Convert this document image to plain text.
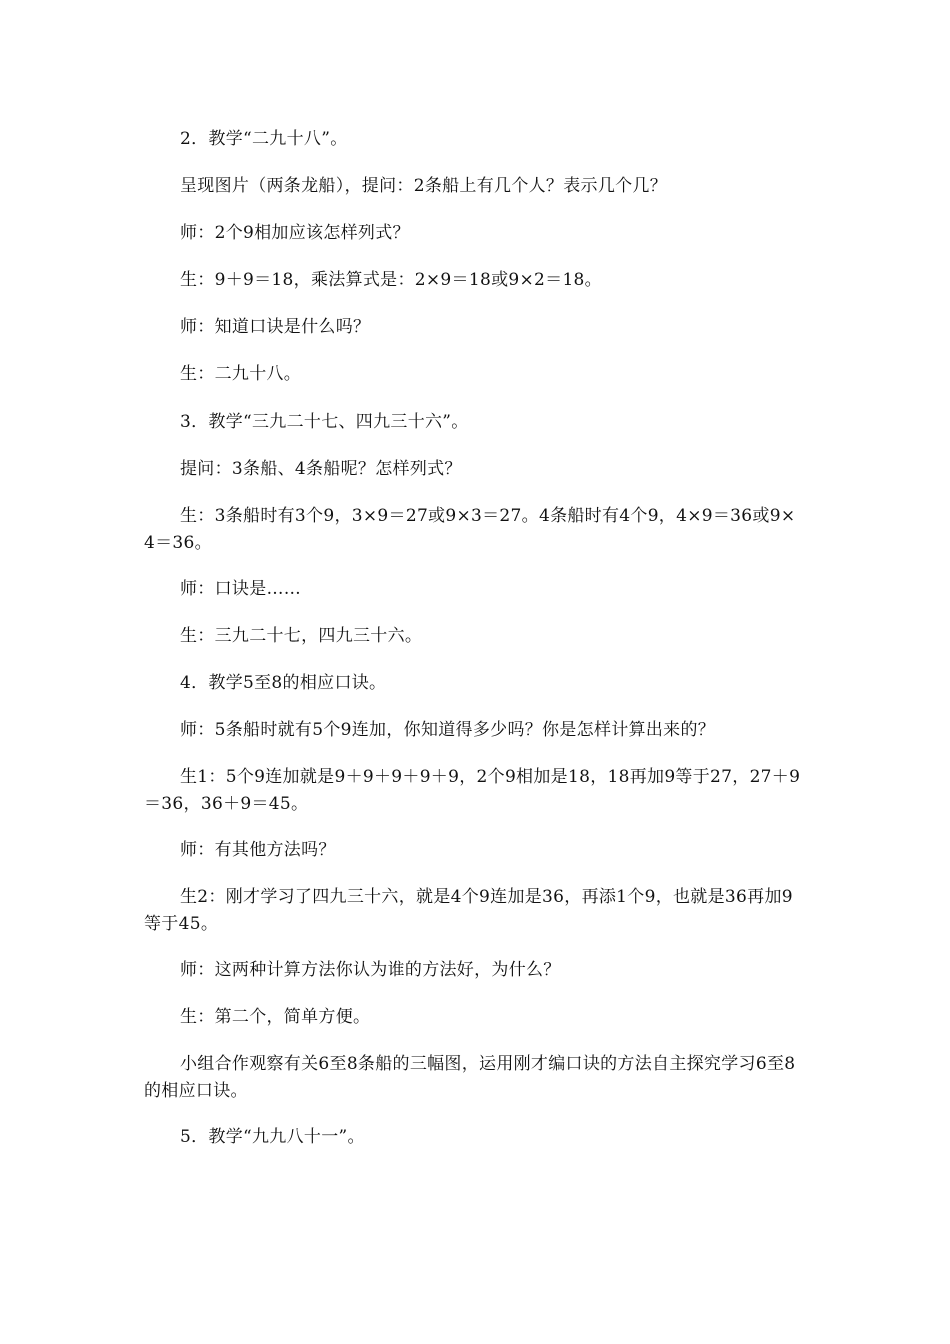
2．教学“二九十八”。

呈现图片（两条龙船），提问：2条船上有几个人？表示几个几？

师：2个9相加应该怎样列式？

生：9＋9＝18，乘法算式是：2×9＝18或9×2＝18。

师：知道口诀是什么吗？

生：二九十八。

3．教学“三九二十七、四九三十六”。

提问：3条船、4条船呢？怎样列式？

生：3条船时有3个9，3×9＝27或9×3＝27。4条船时有4个9，4×9＝36或9×4＝36。

师：口诀是……

生：三九二十七，四九三十六。

4．教学5至8的相应口诀。

师：5条船时就有5个9连加，你知道得多少吗？你是怎样计算出来的？

生1：5个9连加就是9＋9＋9＋9＋9，2个9相加是18，18再加9等于27，27＋9＝36，36＋9＝45。

师：有其他方法吗？

生2：刚才学习了四九三十六，就是4个9连加是36，再添1个9，也就是36再加9等于45。

师：这两种计算方法你认为谁的方法好，为什么？

生：第二个，简单方便。

小组合作观察有关6至8条船的三幅图，运用刚才编口诀的方法自主探究学习6至8的相应口诀。

5．教学“九九八十一”。
